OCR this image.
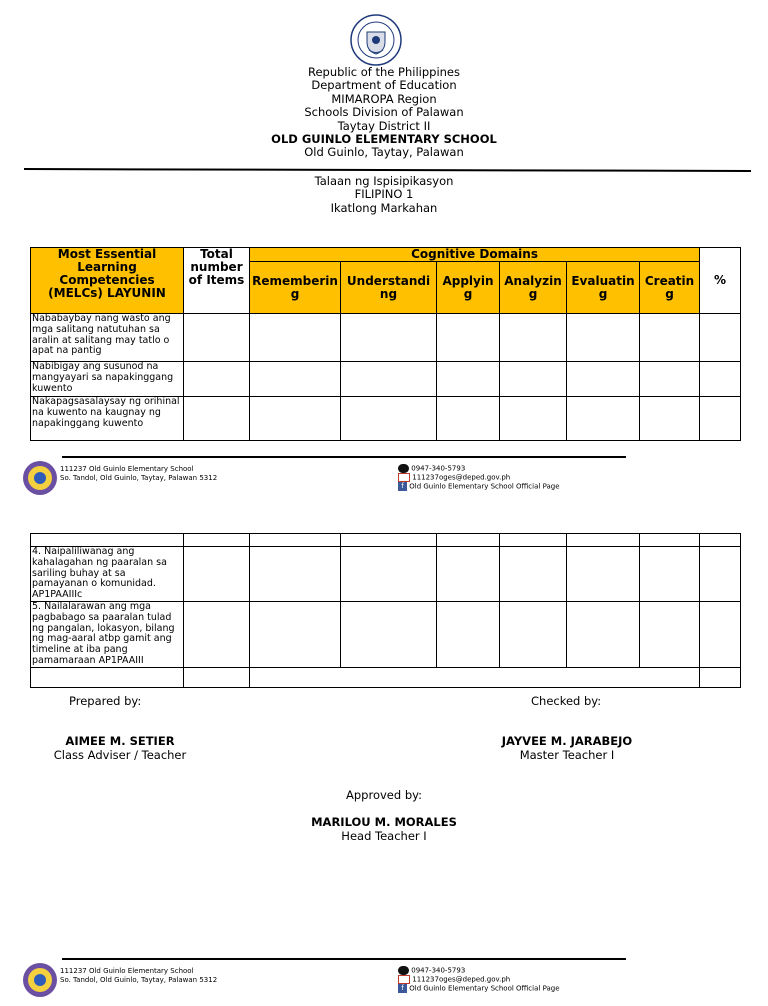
Republic of the Philippines
Department of Education
MIMAROPA Region
Schools Division of Palawan
Taytay District II
OLD GUINLO ELEMENTARY SCHOOL
Old Guinlo, Taytay, Palawan
Talaan ng Ispisipikasyon
FILIPINO 1
Ikatlong Markahan
Most Essential Learning Competencies (MELCs) LAYUNIN	Total number of Items	Cognitive Domains						%
		Rememberin g	Understandi ng	Applyin g	Analyzin g	Evaluatin g	Creatin g	
Nababaybay nang wasto ang mga salitang natutuhan sa aralin at salitang may tatlo o apat na pantig								
Nabibigay ang susunod na mangyayari sa napakinggang kuwento								
Nakapagsasalaysay ng orihinal na kuwento na kaugnay ng napakinggang kuwento								
111237 Old Guinlo Elementary School
So. Tandol, Old Guinlo, Taytay, Palawan 5312
0947-340-5793
111237oges@deped.gov.ph
f Old Guinlo Elementary School Official Page

4. Naipaliliwanag ang kahalagahan ng paaralan sa sariling buhay at sa pamayanan o komunidad. AP1PAAIIIc								
5. Nailalarawan ang mga pagbabago sa paaralan tulad ng pangalan, lokasyon, bilang ng mag-aaral atbp gamit ang timeline at iba pang pamamaraan AP1PAAIII								

Prepared by:	Checked by:
AIMEE M. SETIER
Class Adviser / Teacher
JAYVEE M. JARABEJO
Master Teacher I
Approved by:
MARILOU M. MORALES
Head Teacher I
111237 Old Guinlo Elementary School
So. Tandol, Old Guinlo, Taytay, Palawan 5312
0947-340-5793
111237oges@deped.gov.ph
f Old Guinlo Elementary School Official Page
